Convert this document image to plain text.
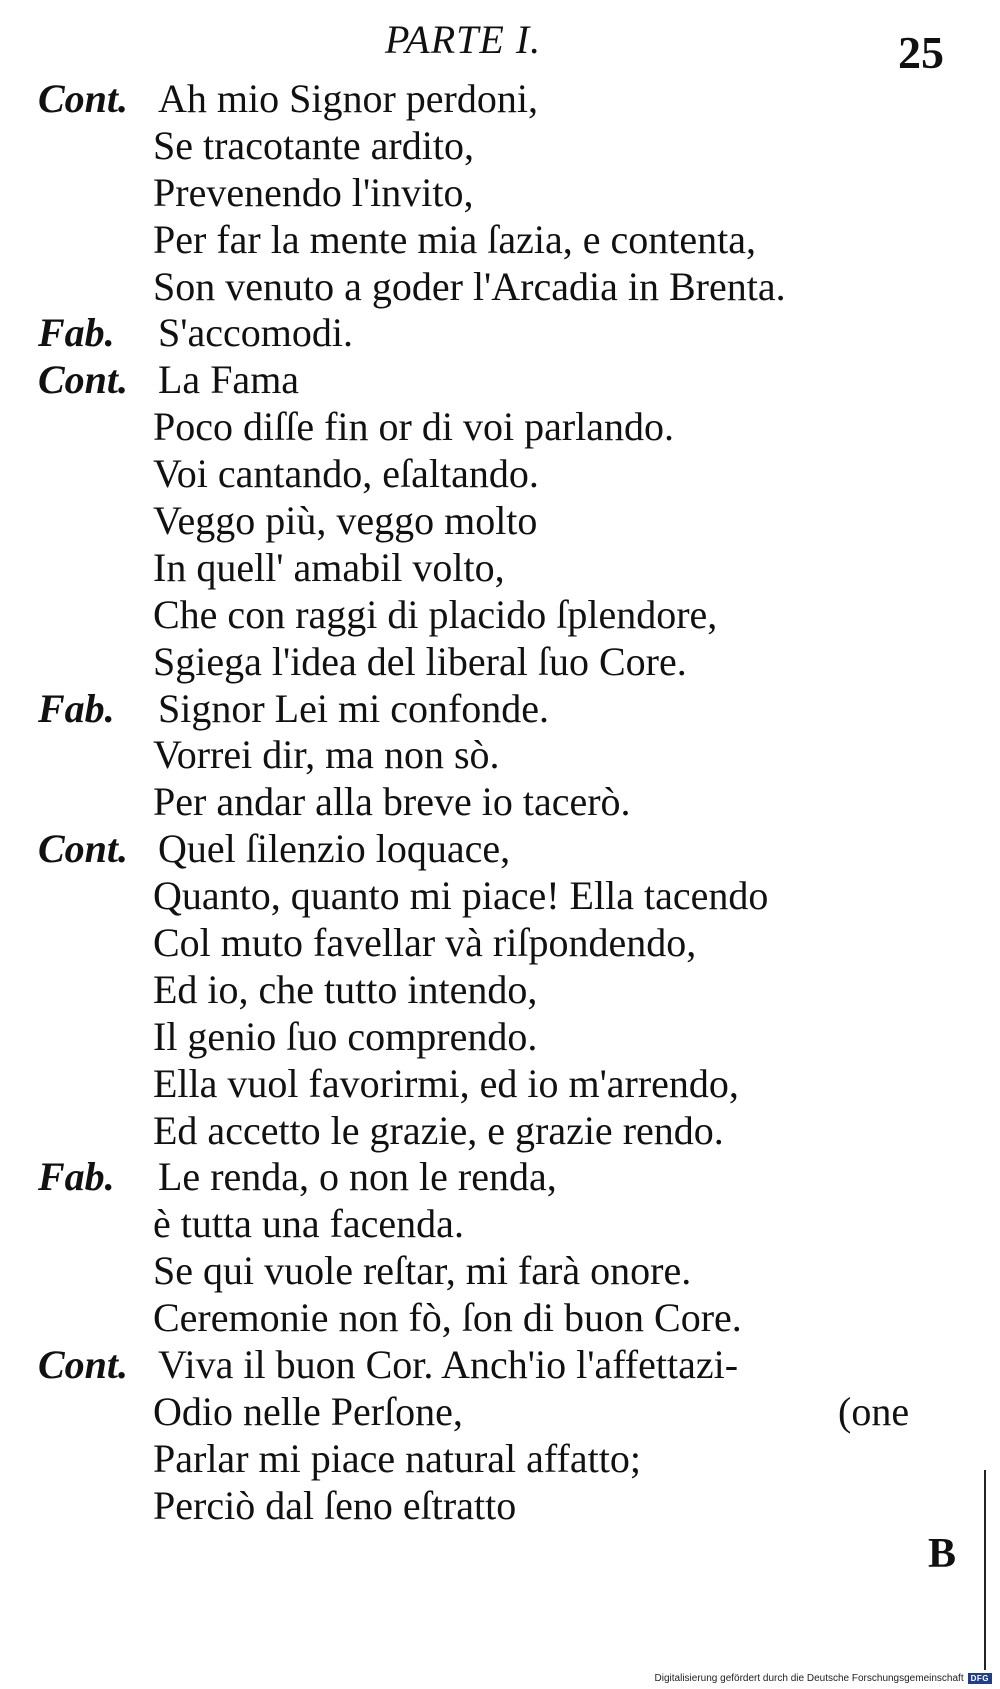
PARTE I.	25
Cont. Ah mio Signor perdoni,
Se tracotante ardito,
Prevenendo l'invito,
Per far la mente mia ſazia, e contenta,
Son venuto a goder l'Arcadia in Brenta.
Fab. S'accomodi.
Cont. La Fama
Poco diſſe fin or di voi parlando.
Voi cantando, eſaltando.
Veggo più, veggo molto
In quell' amabil volto,
Che con raggi di placido ſplendore,
Sgiega l'idea del liberal ſuo Core.
Fab. Signor Lei mi confonde.
Vorrei dir, ma non sò.
Per andar alla breve io tacerò.
Cont. Quel ſilenzio loquace,
Quanto, quanto mi piace! Ella tacendo
Col muto favellar và riſpondendo,
Ed io, che tutto intendo,
Il genio ſuo comprendo.
Ella vuol favorirmi, ed io m'arrendo,
Ed accetto le grazie, e grazie rendo.
Fab. Le renda, o non le renda,
è tutta una facenda.
Se qui vuole reſtar, mi farà onore.
Ceremonie non fò, ſon di buon Core.
Cont. Viva il buon Cor. Anch'io l'affettazi-
Odio nelle Perſone,	(one
Parlar mi piace natural affatto;
Perciò dal ſeno eſtratto
B
Digitalisierung gefördert durch die Deutsche Forschungsgemeinschaft DFG
